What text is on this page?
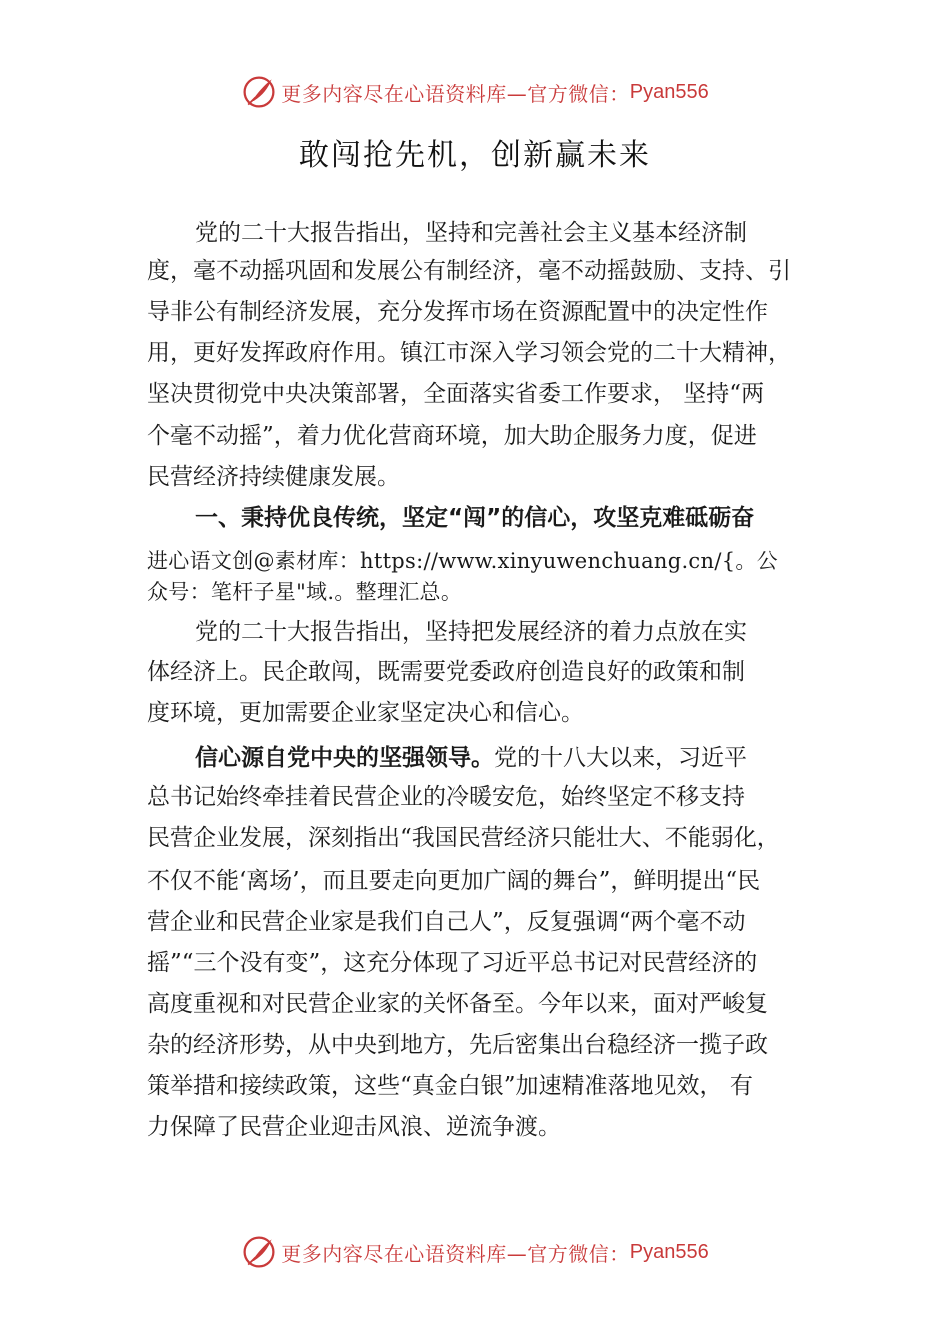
更多内容尽在心语资料库—官方微信： Pyan556
敢闯抢先机，创新赢未来
党的二十大报告指出，坚持和完善社会主义基本经济制
度，毫不动摇巩固和发展公有制经济，毫不动摇鼓励、支持、引
导非公有制经济发展，充分发挥市场在资源配置中的决定性作
用，更好发挥政府作用。镇江市深入学习领会党的二十大精神，
坚决贯彻党中央决策部署，全面落实省委工作要求， 坚持“两
个毫不动摇”，着力优化营商环境，加大助企服务力度，促进
民营经济持续健康发展。
一、秉持优良传统，坚定“闯”的信心，攻坚克难砥砺奋
进心语文创@素材库：https://www.xinyuwenchuang.cn/{。公
众号：笔杆子星"域.。整理汇总。
党的二十大报告指出，坚持把发展经济的着力点放在实
体经济上。民企敢闯，既需要党委政府创造良好的政策和制
度环境，更加需要企业家坚定决心和信心。
信心源自党中央的坚强领导。党的十八大以来，习近平
总书记始终牵挂着民营企业的冷暖安危，始终坚定不移支持
民营企业发展，深刻指出“我国民营经济只能壮大、不能弱化，
不仅不能‘离场’，而且要走向更加广阔的舞台”，鲜明提出“民
营企业和民营企业家是我们自己人”，反复强调“两个毫不动
摇”“三个没有变”，这充分体现了习近平总书记对民营经济的
高度重视和对民营企业家的关怀备至。今年以来，面对严峻复
杂的经济形势，从中央到地方，先后密集出台稳经济一揽子政
策举措和接续政策，这些“真金白银”加速精准落地见效， 有
力保障了民营企业迎击风浪、逆流争渡。
更多内容尽在心语资料库—官方微信： Pyan556
